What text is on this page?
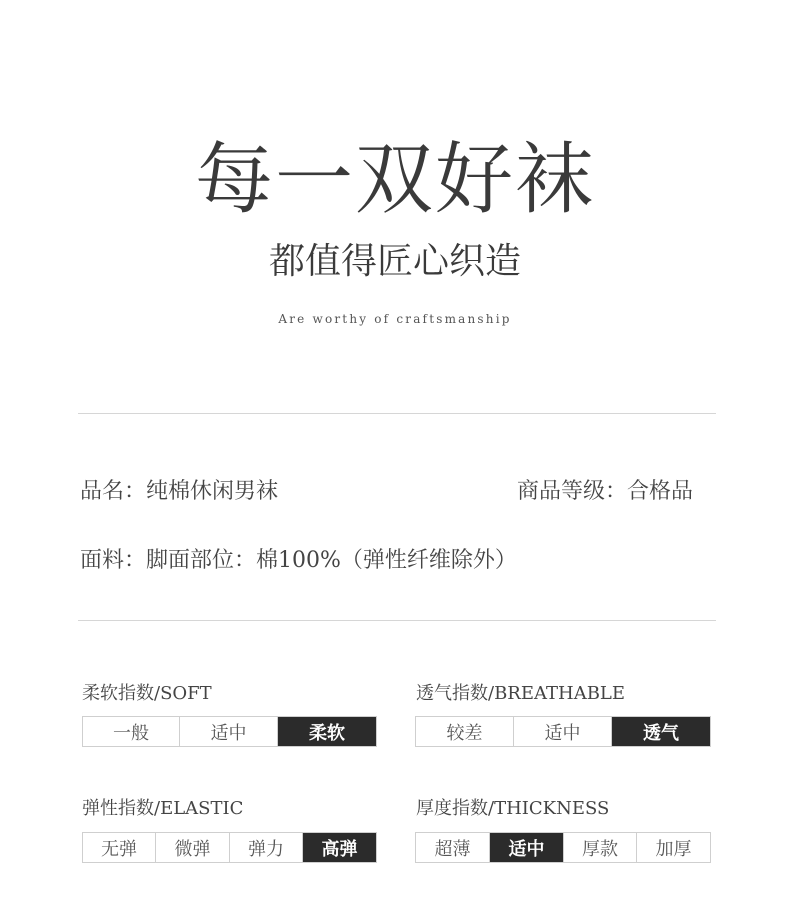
每一双好袜
都值得匠心织造
Are worthy of craftsmanship
品名：纯棉休闲男袜	商品等级：合格品
面料：脚面部位：棉100%（弹性纤维除外）
柔软指数/SOFT
一般	适中	柔软
透气指数/BREATHABLE
较差	适中	透气
弹性指数/ELASTIC
无弹	微弹	弹力	高弹
厚度指数/THICKNESS
超薄	适中	厚款	加厚
